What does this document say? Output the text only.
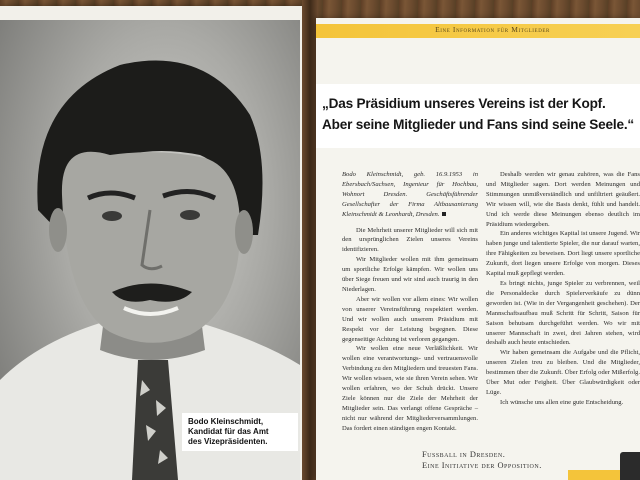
Bodo Kleinschmidt,
Kandidat für das Amt
des Vizepräsidenten.
Eine Information für Mitglieder
„Das Präsidium unseres Vereins ist der Kopf.
Aber seine Mitglieder und Fans sind seine Seele.“

Bodo Kleinschmidt, geb. 16.9.1953 in Ebersbach/Sachsen, Ingenieur für Hochbau, Wohnort Dresden. Geschäftsführender Gesellschafter der Firma Altbausanierung Kleinschmidt & Leonhardt, Dresden.

Die Mehrheit unserer Mitglieder will sich mit den ursprünglichen Zielen unseres Vereins identifizieren.

Wir Mitglieder wollen mit ihm gemeinsam um sportliche Erfolge kämpfen. Wir wollen uns über Siege freuen und wir sind auch traurig in den Niederlagen.

Aber wir wollen vor allem eines: Wir wollen von unserer Vereinsführung respektiert werden. Und wir wollen auch unserem Präsidium mit Respekt vor der Leistung begegnen. Diese gegenseitige Achtung ist verloren gegangen.

Wir wollen eine neue Verläßlichkeit. Wir wollen eine verantwortungs- und vertrauensvolle Verbindung zu den Mitgliedern und treuesten Fans. Wir wollen wissen, wie sie ihren Verein sehen. Wir wollen erfahren, wo der Schuh drückt. Unsere Ziele können nur die Ziele der Mehrheit der Mitglieder sein. Das verlangt offene Gespräche – nicht nur während der Mitgliederversammlungen. Das fordert einen ständigen engen Kontakt.

Deshalb werden wir genau zuhören, was die Fans und Mitglieder sagen. Dort werden Meinungen und Stimmungen unmißverständlich und unfiltriert geäußert. Wir wissen will, wie die Basis denkt, fühlt und handelt. Und ich werde diese Meinungen ebenso deutlich im Präsidium wiedergeben.

Ein anderes wichtiges Kapital ist unsere Jugend. Wir haben junge und talentierte Spieler, die nur darauf warten, ihre Fähigkeiten zu beweisen. Dort liegt unsere sportliche Zukunft, dort liegen unsere Erfolge von morgen. Dieses Kapital muß gepflegt werden.

Es bringt nichts, junge Spieler zu verbrennen, weil die Personaldecke durch Spielerverkäufe zu dünn geworden ist. (Wie in der Vergangenheit geschehen). Der Mannschaftsaufbau muß Schritt für Schritt, Saison für Saison behutsam durchgeführt werden. Wo wir mit unserer Mannschaft in zwei, drei Jahren stehen, wird deshalb auch heute entschieden.

Wir haben gemeinsam die Aufgabe und die Pflicht, unseren Zielen treu zu bleiben. Und die Mitglieder, bestimmen über die Zukunft. Über Erfolg oder Mißerfolg. Über Mut oder Feigheit. Über Glaubwürdigkeit oder Lüge.

Ich wünsche uns allen eine gute Entscheidung.

Fussball in Dresden.
Eine Initiative der Opposition.
